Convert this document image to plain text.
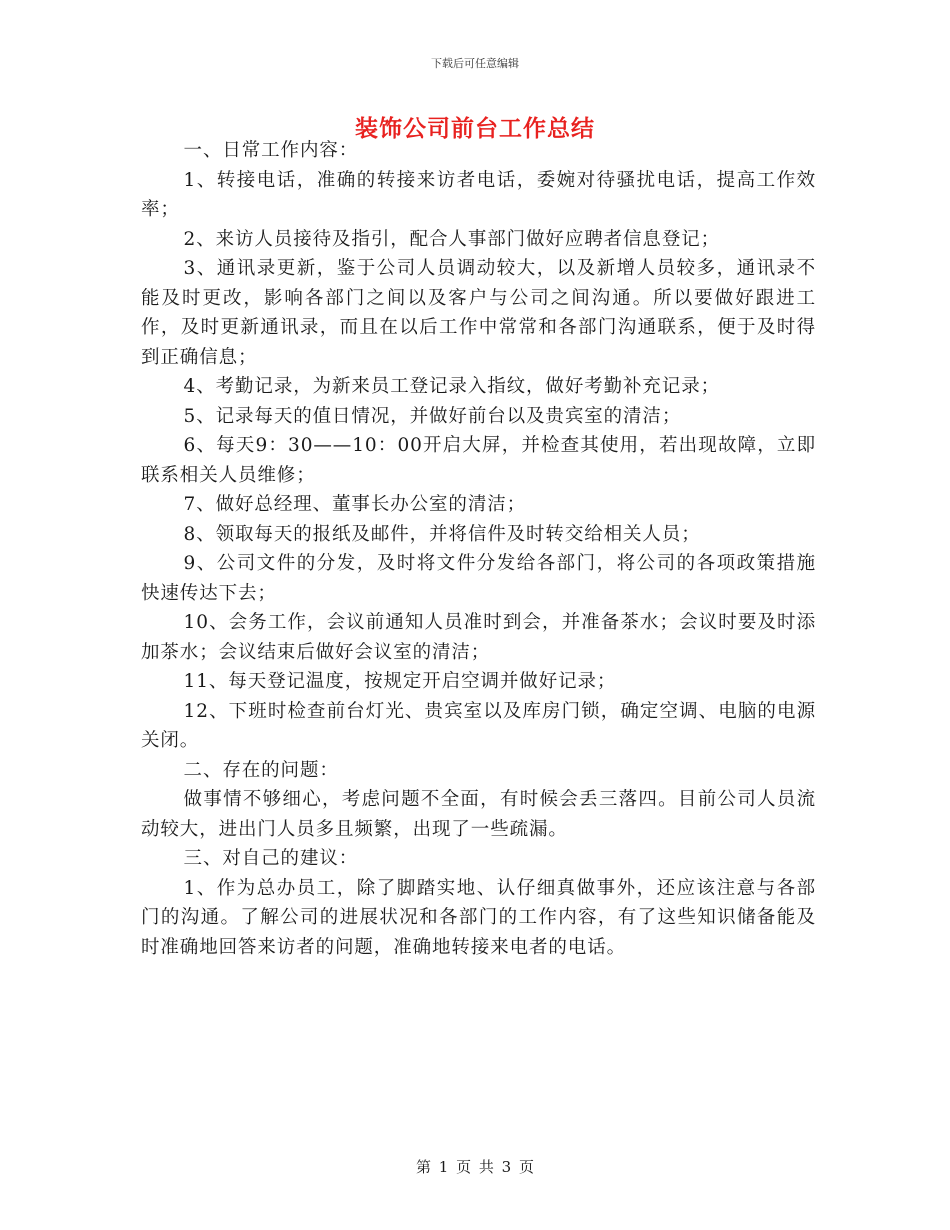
下载后可任意编辑
装饰公司前台工作总结

一、日常工作内容：

1、转接电话，准确的转接来访者电话，委婉对待骚扰电话，提高工作效率；

2、来访人员接待及指引，配合人事部门做好应聘者信息登记；

3、通讯录更新，鉴于公司人员调动较大，以及新增人员较多，通讯录不能及时更改，影响各部门之间以及客户与公司之间沟通。所以要做好跟进工作，及时更新通讯录，而且在以后工作中常常和各部门沟通联系，便于及时得到正确信息；

4、考勤记录，为新来员工登记录入指纹，做好考勤补充记录；

5、记录每天的值日情况，并做好前台以及贵宾室的清洁；

6、每天9：30——10：00开启大屏，并检查其使用，若出现故障，立即联系相关人员维修；

7、做好总经理、董事长办公室的清洁；

8、领取每天的报纸及邮件，并将信件及时转交给相关人员；

9、公司文件的分发，及时将文件分发给各部门，将公司的各项政策措施快速传达下去；

10、会务工作，会议前通知人员准时到会，并准备茶水；会议时要及时添加茶水；会议结束后做好会议室的清洁；

11、每天登记温度，按规定开启空调并做好记录；

12、下班时检查前台灯光、贵宾室以及库房门锁，确定空调、电脑的电源关闭。

二、存在的问题：

做事情不够细心，考虑问题不全面，有时候会丢三落四。目前公司人员流动较大，进出门人员多且频繁，出现了一些疏漏。

三、对自己的建议：

1、作为总办员工，除了脚踏实地、认仔细真做事外，还应该注意与各部门的沟通。了解公司的进展状况和各部门的工作内容，有了这些知识储备能及时准确地回答来访者的问题，准确地转接来电者的电话。

第 1 页 共 3 页
